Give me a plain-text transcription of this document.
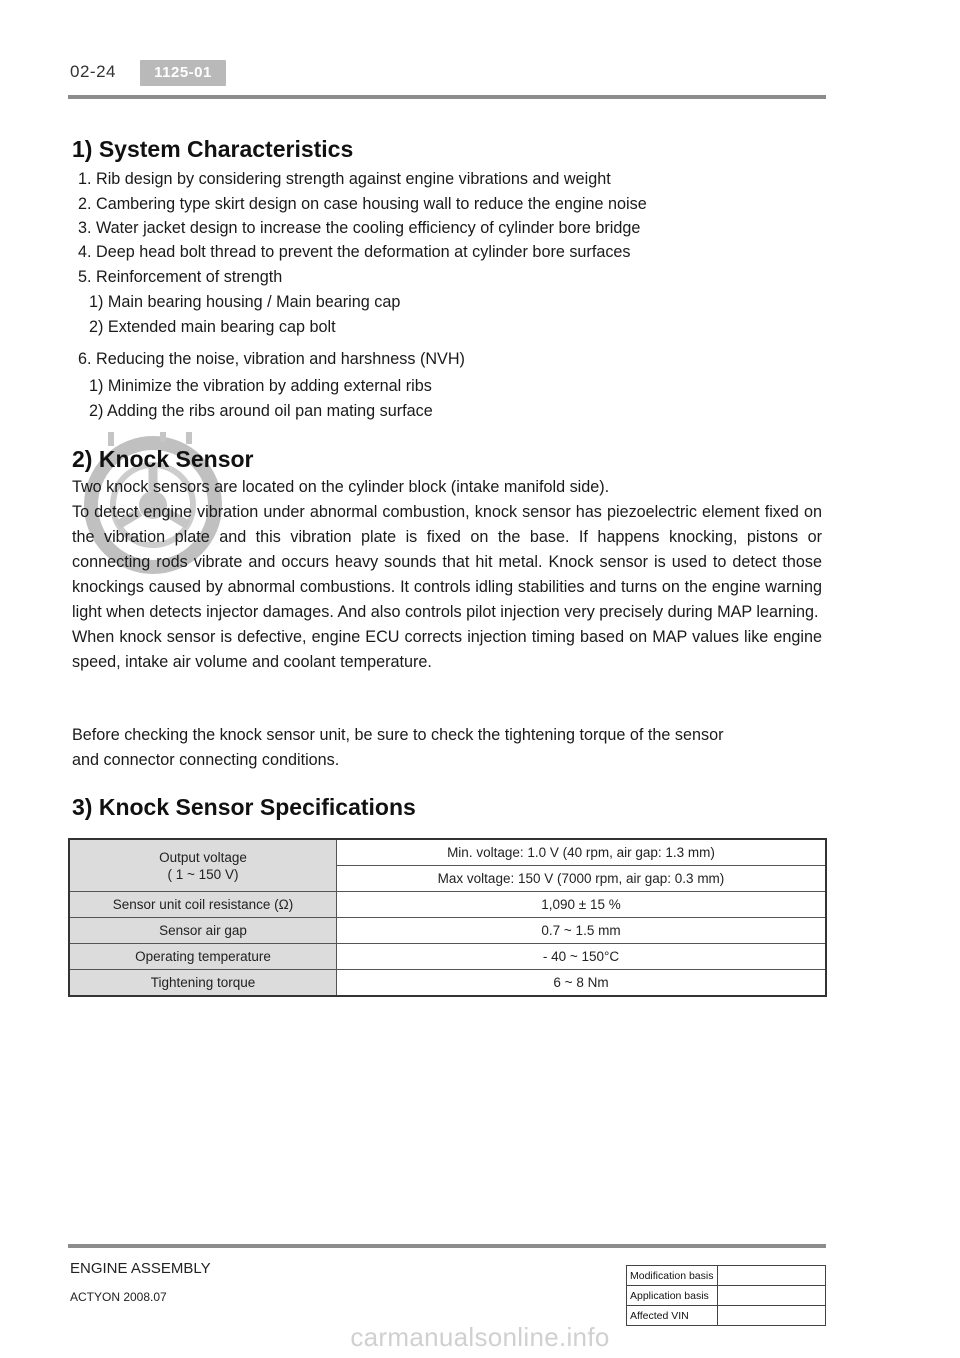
02-24	1125-01
1) System Characteristics
1. Rib design by considering strength against engine vibrations and weight
2. Cambering type skirt design on case housing wall to reduce the engine noise
3. Water jacket design to increase the cooling efficiency of cylinder bore bridge
4. Deep head bolt thread to prevent the deformation at cylinder bore surfaces
5. Reinforcement of strength
1) Main bearing housing / Main bearing cap
2) Extended main bearing cap bolt
6. Reducing the noise, vibration and harshness (NVH)
1) Minimize the vibration by adding external ribs
2) Adding the ribs around oil pan mating surface
2) Knock Sensor

Two knock sensors are located on the cylinder block (intake manifold side).

To detect engine vibration under abnormal combustion, knock sensor has piezoelectric element fixed on the vibration plate and this vibration plate is fixed on the base. If happens knocking, pistons or connecting rods vibrate and occurs heavy sounds that hit metal. Knock sensor is used to detect those knockings caused by abnormal combustions. It controls idling stabilities and turns on the engine warning light when detects injector damages. And also controls pilot injection very precisely during MAP learning.

When knock sensor is defective, engine ECU corrects injection timing based on MAP values like engine speed, intake air volume and coolant temperature.

Before checking the knock sensor unit, be sure to check the tightening torque of the sensor
and connector connecting conditions.
3) Knock Sensor Specifications
Output voltage
( 1 ~ 150 V)	Min. voltage: 1.0 V (40 rpm, air gap: 1.3 mm)
	Max voltage: 150 V (7000 rpm, air gap: 0.3 mm)
Sensor unit coil resistance (Ω)	1,090 ± 15 %
Sensor air gap	0.7 ~ 1.5 mm
Operating temperature	- 40 ~ 150°C
Tightening torque	6 ~ 8 Nm
ENGINE ASSEMBLY
ACTYON 2008.07
Modification basis	
Application basis	
Affected VIN	
carmanualsonline.info
